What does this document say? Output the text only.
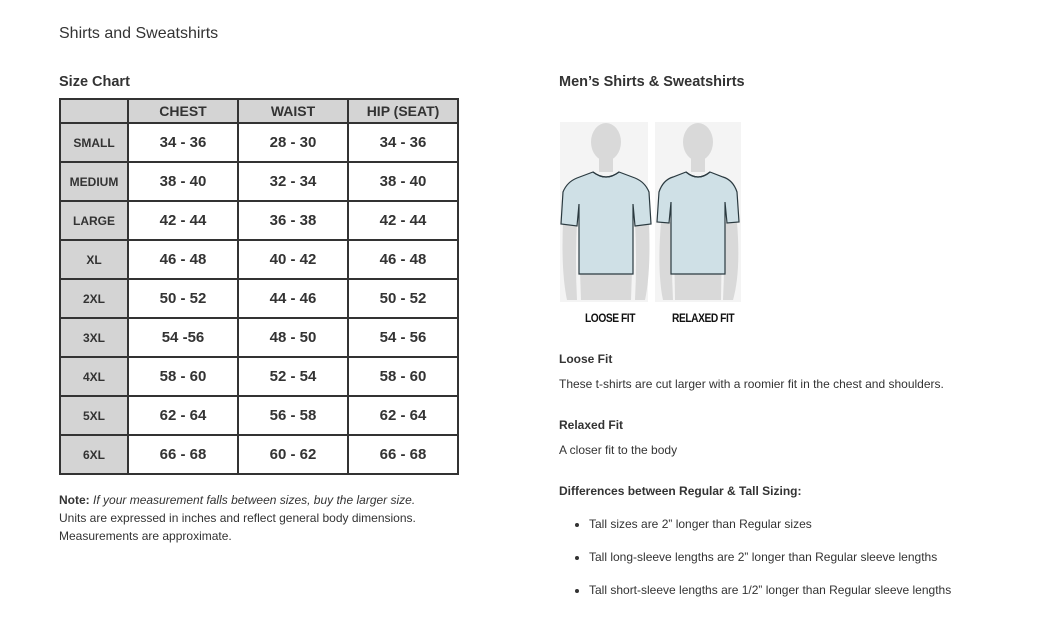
Shirts and Sweatshirts
Size Chart
	CHEST	WAIST	HIP (SEAT)
SMALL	34 - 36	28 - 30	34 - 36
MEDIUM	38 - 40	32 - 34	38 - 40
LARGE	42 - 44	36 - 38	42 - 44
XL	46 - 48	40 - 42	46 - 48
2XL	50 - 52	44 - 46	50 - 52
3XL	54 -56	48 - 50	54 - 56
4XL	58 - 60	52 - 54	58 - 60
5XL	62 - 64	56 - 58	62 - 64
6XL	66 - 68	60 - 62	66 - 68
Note: If your measurement falls between sizes, buy the larger size.
Units are expressed in inches and reflect general body dimensions.
Measurements are approximate.
Men’s Shirts & Sweatshirts
LOOSE FIT	RELAXED FIT
Loose Fit
These t-shirts are cut larger with a roomier fit in the chest and shoulders.
Relaxed Fit
A closer fit to the body
Differences between Regular & Tall Sizing:
• Tall sizes are 2” longer than Regular sizes
• Tall long-sleeve lengths are 2” longer than Regular sleeve lengths
• Tall short-sleeve lengths are 1/2” longer than Regular sleeve lengths
